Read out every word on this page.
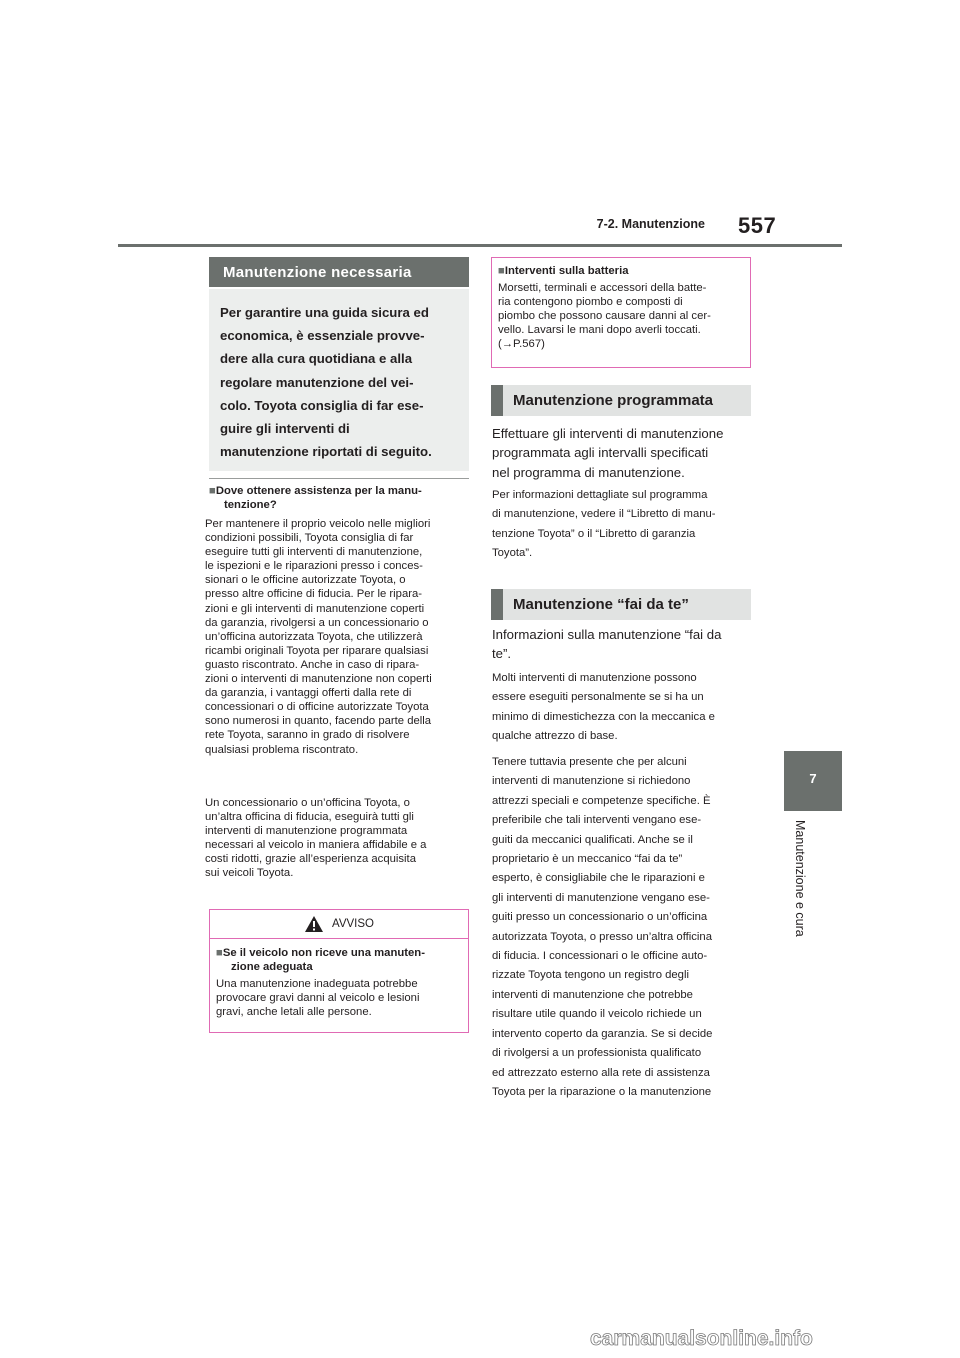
7-2. Manutenzione 557
7
Manutenzione e cura
Manutenzione necessaria
Per garantire una guida sicura ed
economica, è essenziale provve-
dere alla cura quotidiana e alla
regolare manutenzione del vei-
colo. Toyota consiglia di far ese-
guire gli interventi di
manutenzione riportati di seguito.
■Dove ottenere assistenza per la manu-
tenzione?
Per mantenere il proprio veicolo nelle migliori
condizioni possibili, Toyota consiglia di far
eseguire tutti gli interventi di manutenzione,
le ispezioni e le riparazioni presso i conces-
sionari o le officine autorizzate Toyota, o
presso altre officine di fiducia. Per le ripara-
zioni e gli interventi di manutenzione coperti
da garanzia, rivolgersi a un concessionario o
un’officina autorizzata Toyota, che utilizzerà
ricambi originali Toyota per riparare qualsiasi
guasto riscontrato. Anche in caso di ripara-
zioni o interventi di manutenzione non coperti
da garanzia, i vantaggi offerti dalla rete di
concessionari o di officine autorizzate Toyota
sono numerosi in quanto, facendo parte della
rete Toyota, saranno in grado di risolvere
qualsiasi problema riscontrato.
Un concessionario o un’officina Toyota, o
un’altra officina di fiducia, eseguirà tutti gli
interventi di manutenzione programmata
necessari al veicolo in maniera affidabile e a
costi ridotti, grazie all’esperienza acquisita
sui veicoli Toyota.
AVVISO
■Se il veicolo non riceve una manuten-
zione adeguata
Una manutenzione inadeguata potrebbe
provocare gravi danni al veicolo e lesioni
gravi, anche letali alle persone.
■Interventi sulla batteria
Morsetti, terminali e accessori della batte-
ria contengono piombo e composti di
piombo che possono causare danni al cer-
vello. Lavarsi le mani dopo averli toccati.
(→P.567)
Manutenzione programmata
Effettuare gli interventi di manutenzione
programmata agli intervalli specificati
nel programma di manutenzione.
Per informazioni dettagliate sul programma
di manutenzione, vedere il “Libretto di manu-
tenzione Toyota” o il “Libretto di garanzia
Toyota”.
Manutenzione “fai da te”
Informazioni sulla manutenzione “fai da
te”.
Molti interventi di manutenzione possono
essere eseguiti personalmente se si ha un
minimo di dimestichezza con la meccanica e
qualche attrezzo di base.
Tenere tuttavia presente che per alcuni
interventi di manutenzione si richiedono
attrezzi speciali e competenze specifiche. È
preferibile che tali interventi vengano ese-
guiti da meccanici qualificati. Anche se il
proprietario è un meccanico “fai da te”
esperto, è consigliabile che le riparazioni e
gli interventi di manutenzione vengano ese-
guiti presso un concessionario o un’officina
autorizzata Toyota, o presso un’altra officina
di fiducia. I concessionari o le officine auto-
rizzate Toyota tengono un registro degli
interventi di manutenzione che potrebbe
risultare utile quando il veicolo richiede un
intervento coperto da garanzia. Se si decide
di rivolgersi a un professionista qualificato
ed attrezzato esterno alla rete di assistenza
Toyota per la riparazione o la manutenzione
carmanualsonline.info
